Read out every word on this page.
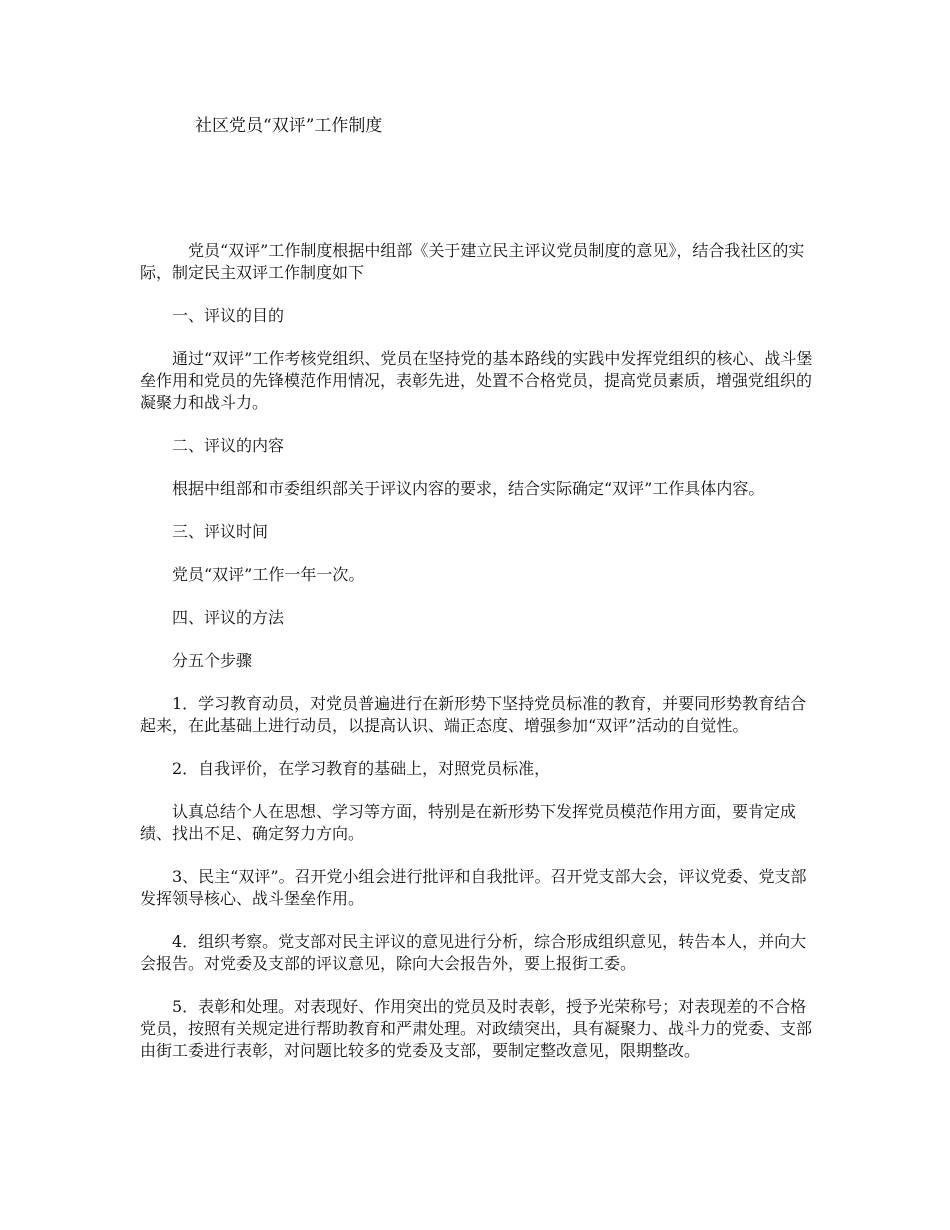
社区党员“双评”工作制度

党员“双评”工作制度根据中组部《关于建立民主评议党员制度的意见》，结合我社区的实际，制定民主双评工作制度如下

一、评议的目的

通过“双评”工作考核党组织、党员在坚持党的基本路线的实践中发挥党组织的核心、战斗堡垒作用和党员的先锋模范作用情况，表彰先进，处置不合格党员，提高党员素质，增强党组织的凝聚力和战斗力。

二、评议的内容

根据中组部和市委组织部关于评议内容的要求，结合实际确定“双评”工作具体内容。

三、评议时间

党员“双评”工作一年一次。

四、评议的方法

分五个步骤

1．学习教育动员，对党员普遍进行在新形势下坚持党员标准的教育，并要同形势教育结合起来，在此基础上进行动员，以提高认识、端正态度、增强参加“双评”活动的自觉性。

2．自我评价，在学习教育的基础上，对照党员标准，

认真总结个人在思想、学习等方面，特别是在新形势下发挥党员模范作用方面，要肯定成绩、找出不足、确定努力方向。

3、民主“双评”。召开党小组会进行批评和自我批评。召开党支部大会，评议党委、党支部发挥领导核心、战斗堡垒作用。

4．组织考察。党支部对民主评议的意见进行分析，综合形成组织意见，转告本人，并向大会报告。对党委及支部的评议意见，除向大会报告外，要上报街工委。

5．表彰和处理。对表现好、作用突出的党员及时表彰，授予光荣称号；对表现差的不合格党员，按照有关规定进行帮助教育和严肃处理。对政绩突出，具有凝聚力、战斗力的党委、支部由街工委进行表彰，对问题比较多的党委及支部，要制定整改意见，限期整改。
